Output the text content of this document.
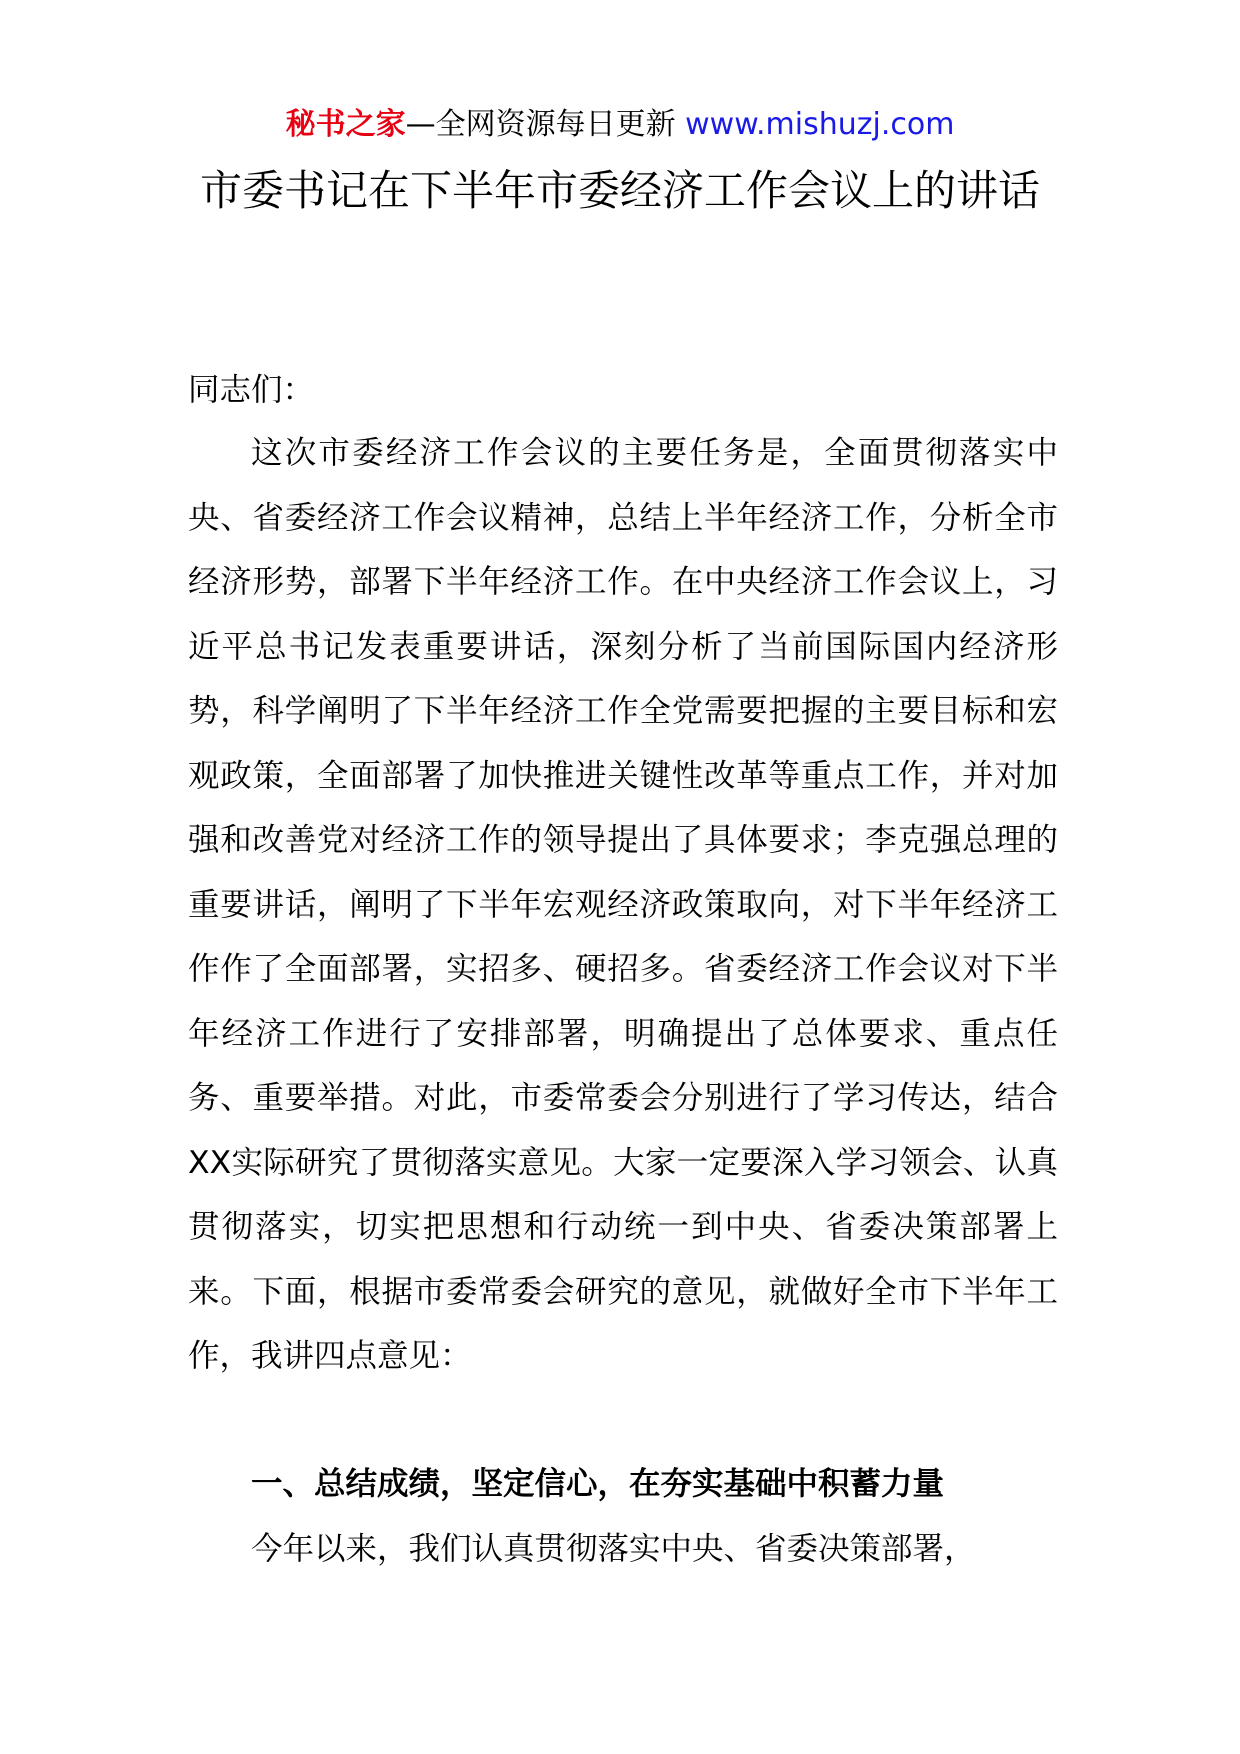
秘书之家—全网资源每日更新 www.mishuzj.com
市委书记在下半年市委经济工作会议上的讲话

同志们：

这次市委经济工作会议的主要任务是，全面贯彻落实中央、省委经济工作会议精神，总结上半年经济工作，分析全市经济形势，部署下半年经济工作。在中央经济工作会议上，习近平总书记发表重要讲话，深刻分析了当前国际国内经济形势，科学阐明了下半年经济工作全党需要把握的主要目标和宏观政策，全面部署了加快推进关键性改革等重点工作，并对加强和改善党对经济工作的领导提出了具体要求；李克强总理的重要讲话，阐明了下半年宏观经济政策取向，对下半年经济工作作了全面部署，实招多、硬招多。省委经济工作会议对下半年经济工作进行了安排部署，明确提出了总体要求、重点任务、重要举措。对此，市委常委会分别进行了学习传达，结合XX实际研究了贯彻落实意见。大家一定要深入学习领会、认真贯彻落实，切实把思想和行动统一到中央、省委决策部署上来。下面，根据市委常委会研究的意见，就做好全市下半年工作，我讲四点意见：

一、总结成绩，坚定信心，在夯实基础中积蓄力量

今年以来，我们认真贯彻落实中央、省委决策部署，
